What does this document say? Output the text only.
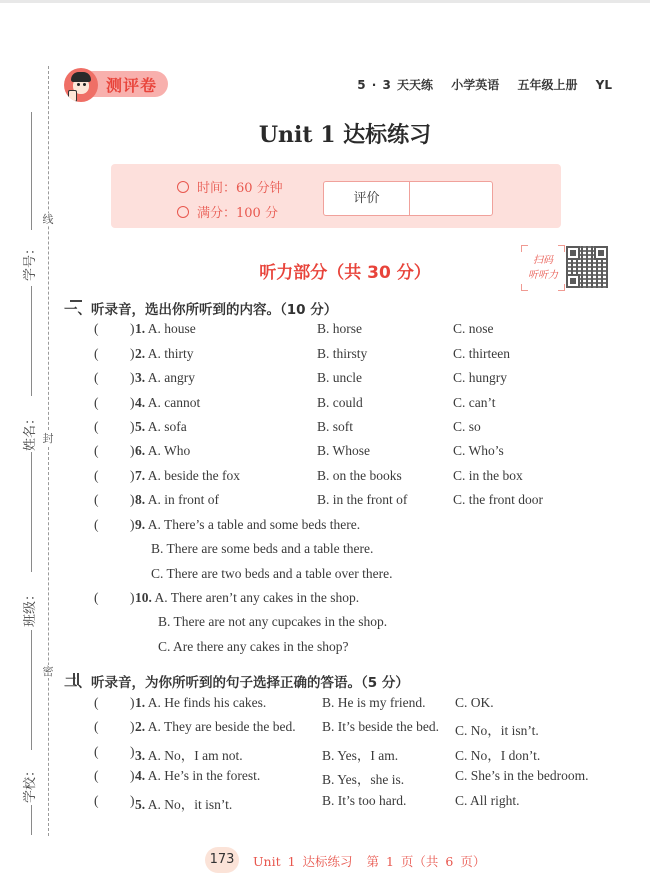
线
封
密
学号：
姓名：
班级：
学校：
测评卷	5 · 3 天天练 小学英语 五年级上册 YL
Unit 1 达标练习
时间：60 分钟
满分：100 分
评价
听力部分（共 30 分）
扫码
听听力
一、听录音，选出你所听到的内容。（10 分）
( ) 1. A. house	B. horse	C. nose
( ) 2. A. thirty	B. thirsty	C. thirteen
( ) 3. A. angry	B. uncle	C. hungry
( ) 4. A. cannot	B. could	C. can’t
( ) 5. A. sofa	B. soft	C. so
( ) 6. A. Who	B. Whose	C. Who’s
( ) 7. A. beside the fox	B. on the books	C. in the box
( ) 8. A. in front of	B. in the front of	C. the front door
( ) 9. A. There’s a table and some beds there.
B. There are some beds and a table there.
C. There are two beds and a table over there.
( ) 10. A. There aren’t any cakes in the shop.
B. There are not any cupcakes in the shop.
C. Are there any cakes in the shop?
二、听录音，为你所听到的句子选择正确的答语。（5 分）
( ) 1. A. He finds his cakes.	B. He is my friend. C. OK.
( ) 2. A. They are beside the bed. B. It’s beside the bed. C. No，it isn’t.
( ) 3. A. No，I am not.	B. Yes，I am.	C. No，I don’t.
( ) 4. A. He’s in the forest.	B. Yes，she is.	C. She’s in the bedroom.
( ) 5. A. No，it isn’t.	B. It’s too hard.	C. All right.
173	Unit 1 达标练习 第 1 页（共 6 页）
